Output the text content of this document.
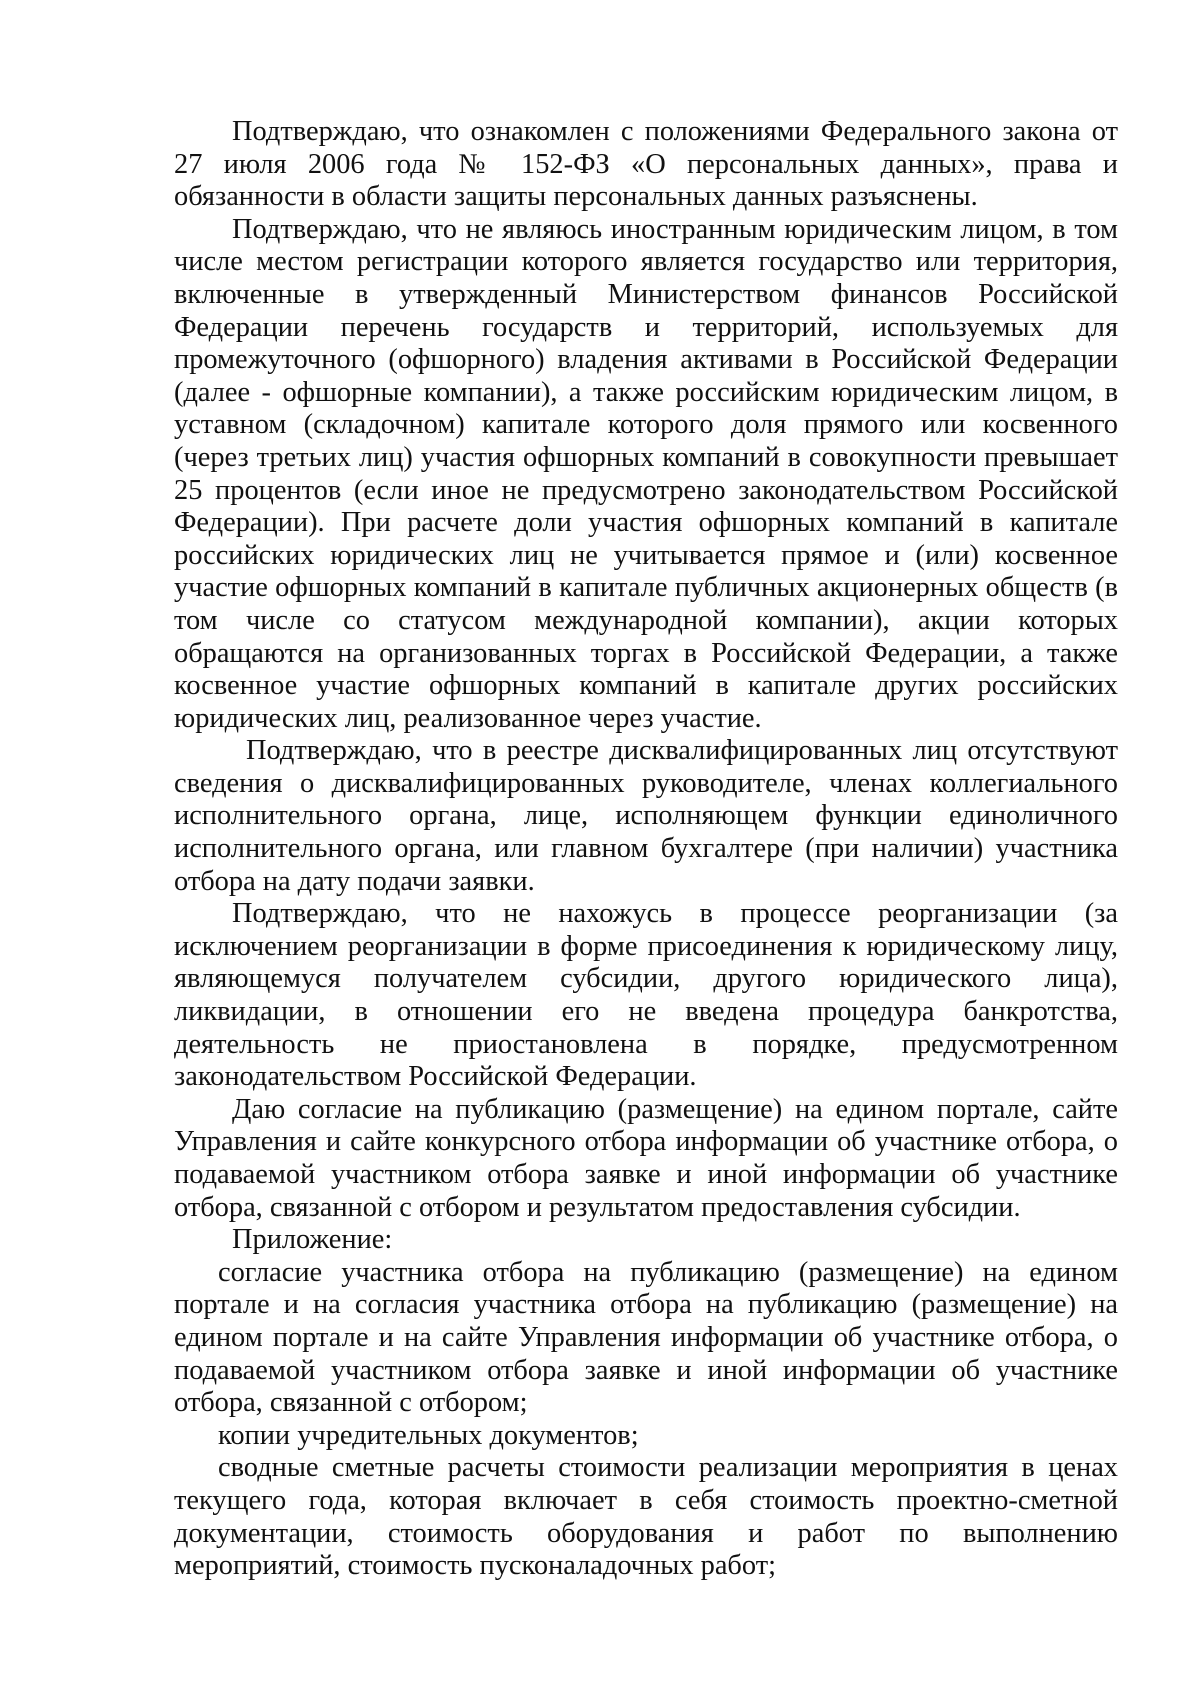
Подтверждаю, что ознакомлен с положениями Федерального закона от 27 июля 2006 года № 152-ФЗ «О персональных данных», права и обязанности в области защиты персональных данных разъяснены.

Подтверждаю, что не являюсь иностранным юридическим лицом, в том числе местом регистрации которого является государство или территория, включенные в утвержденный Министерством финансов Российской Федерации перечень государств и территорий, используемых для промежуточного (офшорного) владения активами в Российской Федерации (далее - офшорные компании), а также российским юридическим лицом, в уставном (складочном) капитале которого доля прямого или косвенного (через третьих лиц) участия офшорных компаний в совокупности превышает 25 процентов (если иное не предусмотрено законодательством Российской Федерации). При расчете доли участия офшорных компаний в капитале российских юридических лиц не учитывается прямое и (или) косвенное участие офшорных компаний в капитале публичных акционерных обществ (в том числе со статусом международной компании), акции которых обращаются на организованных торгах в Российской Федерации, а также косвенное участие офшорных компаний в капитале других российских юридических лиц, реализованное через участие.

Подтверждаю, что в реестре дисквалифицированных лиц отсутствуют сведения о дисквалифицированных руководителе, членах коллегиального исполнительного органа, лице, исполняющем функции единоличного исполнительного органа, или главном бухгалтере (при наличии) участника отбора на дату подачи заявки.

Подтверждаю, что не нахожусь в процессе реорганизации (за исключением реорганизации в форме присоединения к юридическому лицу, являющемуся получателем субсидии, другого юридического лица), ликвидации, в отношении его не введена процедура банкротства, деятельность не приостановлена в порядке, предусмотренном законодательством Российской Федерации.

Даю согласие на публикацию (размещение) на едином портале, сайте Управления и сайте конкурсного отбора информации об участнике отбора, о подаваемой участником отбора заявке и иной информации об участнике отбора, связанной с отбором и результатом предоставления субсидии.

Приложение:

согласие участника отбора на публикацию (размещение) на едином портале и на согласия участника отбора на публикацию (размещение) на едином портале и на сайте Управления информации об участнике отбора, о подаваемой участником отбора заявке и иной информации об участнике отбора, связанной с отбором;

копии учредительных документов;

сводные сметные расчеты стоимости реализации мероприятия в ценах текущего года, которая включает в себя стоимость проектно-сметной документации, стоимость оборудования и работ по выполнению мероприятий, стоимость пусконаладочных работ;
